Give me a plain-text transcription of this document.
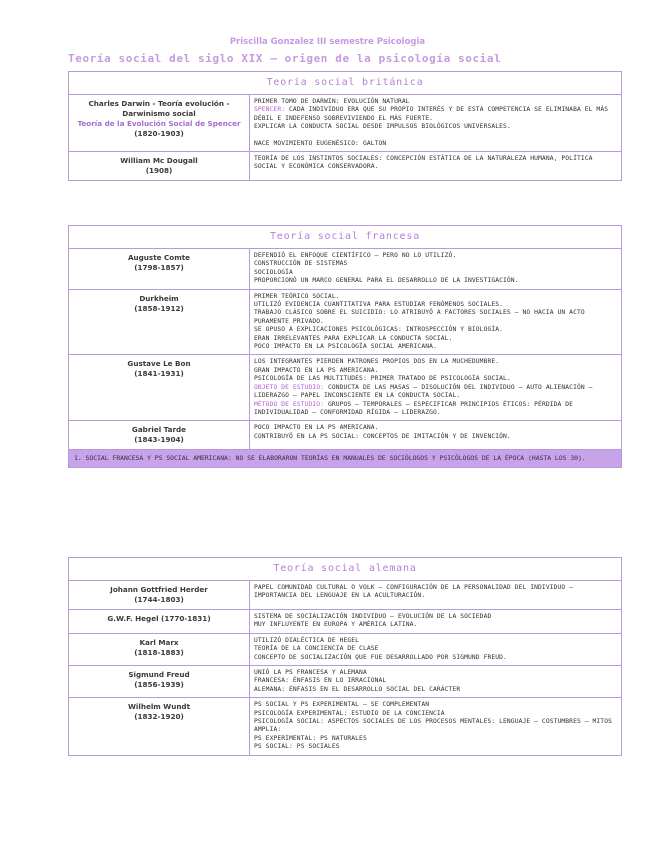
Priscilla Gonzalez III semestre Psicologia
Teoría social del siglo XIX – origen de la psicología social
Teoría social británica
Charles Darwin - Teoría evolución - Darwinismo social
Teoría de la Evolución Social de Spencer
(1820-1903)
PRIMER TOMO DE DARWIN: EVOLUCIÓN NATURAL
SPENCER: CADA INDIVIDUO ERA QUE SU PROPIO INTERÉS Y DE ESTA COMPETENCIA SE ELIMINABA EL MÁS DÉBIL E INDEFENSO SOBREVIVIENDO EL MÁS FUERTE.
EXPLICAR LA CONDUCTA SOCIAL DESDE IMPULSOS BIOLÓGICOS UNIVERSALES.
NACE MOVIMIENTO EUGENÉSICO: GALTON
William Mc Dougall
(1908)
TEORÍA DE LOS INSTINTOS SOCIALES: CONCEPCIÓN ESTÁTICA DE LA NATURALEZA HUMANA, POLÍTICA SOCIAL Y ECONÓMICA CONSERVADORA.
Teoría social francesa
Auguste Comte
(1798-1857)
DEFENDIÓ EL ENFOQUE CIENTÍFICO – PERO NO LO UTILIZÓ.
CONSTRUCCIÓN DE SISTEMAS
SOCIOLOGÍA
PROPORCIONÓ UN MARCO GENERAL PARA EL DESARROLLO DE LA INVESTIGACIÓN.
Durkheim
(1858-1912)
PRIMER TEÓRICO SOCIAL.
UTILIZÓ EVIDENCIA CUANTITATIVA PARA ESTUDIAR FENÓMENOS SOCIALES.
TRABAJO CLÁSICO SOBRE EL SUICIDIO: LO ATRIBUYÓ A FACTORES SOCIALES – NO HACIA UN ACTO PURAMENTE PRIVADO.
SE OPUSO A EXPLICACIONES PSICOLÓGICAS: INTROSPECCIÓN Y BIOLOGÍA.
ERAN IRRELEVANTES PARA EXPLICAR LA CONDUCTA SOCIAL.
POCO IMPACTO EN LA PSICOLOGÍA SOCIAL AMERICANA.
Gustave Le Bon
(1841-1931)
LOS INTEGRANTES PIERDEN PATRONES PROPIOS DOS EN LA MUCHEDUMBRE.
GRAN IMPACTO EN LA PS AMERICANA.
PSICOLOGÍA DE LAS MULTITUDES: PRIMER TRATADO DE PSICOLOGÍA SOCIAL.
OBJETO DE ESTUDIO: CONDUCTA DE LAS MASAS – DISOLUCIÓN DEL INDIVIDUO – AUTO ALIENACIÓN – LIDERAZGO – PAPEL INCONSCIENTE EN LA CONDUCTA SOCIAL.
MÉTODO DE ESTUDIO: GRUPOS – TEMPORALES – ESPECIFICAR PRINCIPIOS ÉTICOS: PÉRDIDA DE INDIVIDUALIDAD – CONFORMIDAD RÍGIDA – LIDERAZGO.
Gabriel Tarde
(1843-1904)
POCO IMPACTO EN LA PS AMERICANA.
CONTRIBUYÓ EN LA PS SOCIAL: CONCEPTOS DE IMITACIÓN Y DE INVENCIÓN.
1. SOCIAL FRANCESA Y PS SOCIAL AMERICANA: NO SE ELABORARON TEORÍAS EN MANUALES DE SOCIÓLOGOS Y PSICÓLOGOS DE LA ÉPOCA (HASTA LOS 30).
Teoría social alemana
Johann Gottfried Herder
(1744-1803)
PAPEL COMUNIDAD CULTURAL O VOLK – CONFIGURACIÓN DE LA PERSONALIDAD DEL INDIVIDUO – IMPORTANCIA DEL LENGUAJE EN LA ACULTURACIÓN.
G.W.F. Hegel (1770-1831)	SISTEMA DE SOCIALIZACIÓN INDIVIDUO – EVOLUCIÓN DE LA SOCIEDAD
MUY INFLUYENTE EN EUROPA Y AMÉRICA LATINA.
Karl Marx
(1818-1883)
UTILIZÓ DIALÉCTICA DE HEGEL
TEORÍA DE LA CONCIENCIA DE CLASE
CONCEPTO DE SOCIALIZACIÓN QUE FUE DESARROLLADO POR SIGMUND FREUD.
Sigmund Freud
(1856-1939)
UNIÓ LA PS FRANCESA Y ALEMANA
FRANCESA: ÉNFASIS EN LO IRRACIONAL
ALEMANA: ÉNFASIS EN EL DESARROLLO SOCIAL DEL CARÁCTER
Wilhelm Wundt
(1832-1920)
PS SOCIAL Y PS EXPERIMENTAL – SE COMPLEMENTAN
PSICOLOGÍA EXPERIMENTAL: ESTUDIO DE LA CONCIENCIA
PSICOLOGÍA SOCIAL: ASPECTOS SOCIALES DE LOS PROCESOS MENTALES: LENGUAJE – COSTUMBRES – MITOS
AMPLIA:
PS EXPERIMENTAL: PS NATURALES
PS SOCIAL: PS SOCIALES
